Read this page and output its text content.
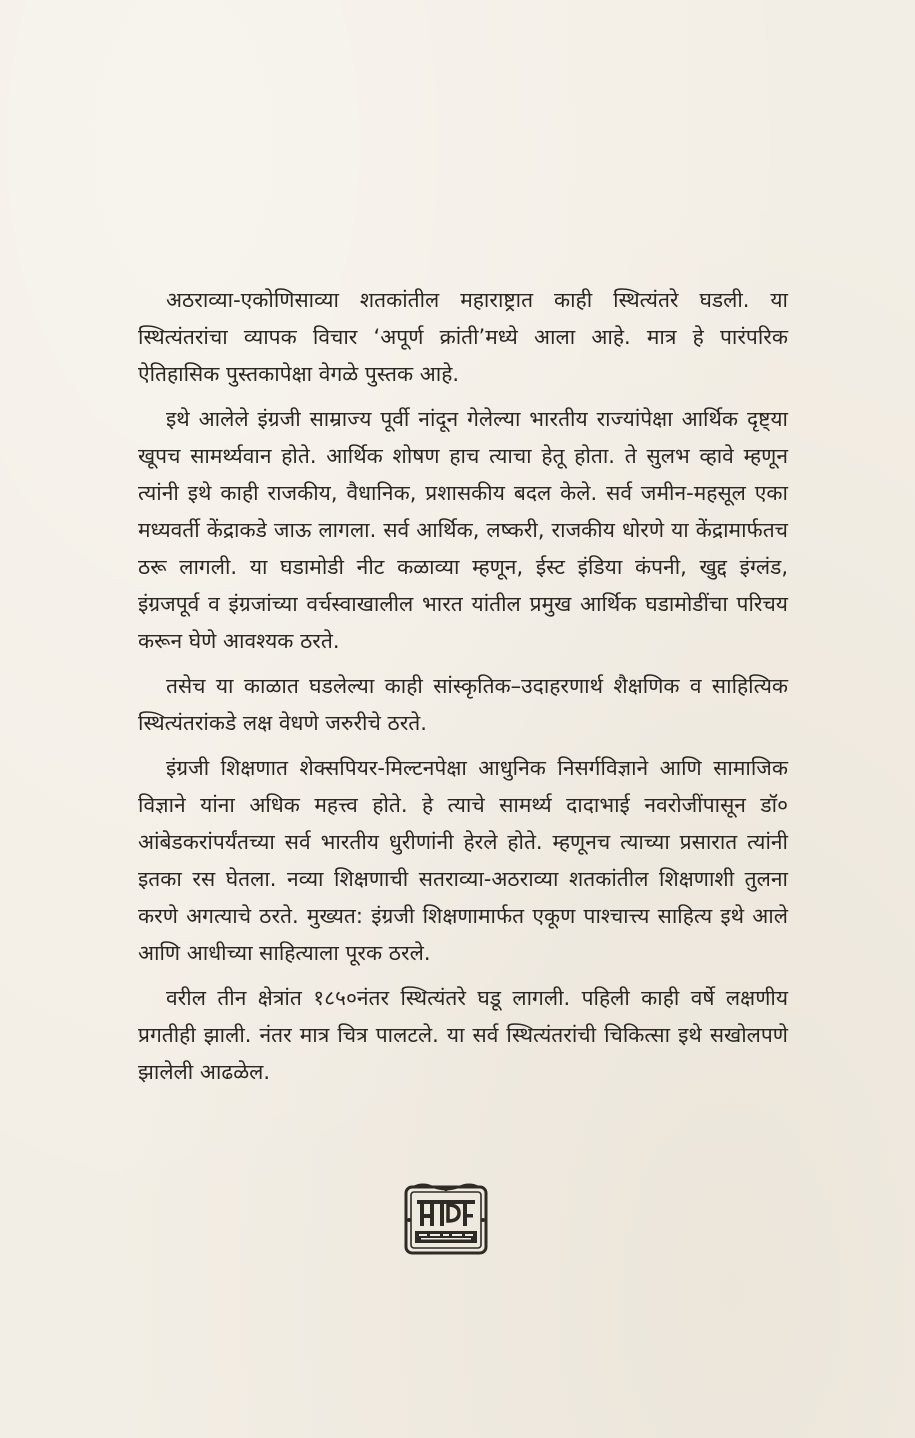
अठराव्या-एकोणिसाव्या शतकांतील महाराष्ट्रात काही स्थित्यंतरे घडली. या स्थित्यंतरांचा व्यापक विचार ‘अपूर्ण क्रांती’मध्ये आला आहे. मात्र हे पारंपरिक ऐतिहासिक पुस्तकापेक्षा वेगळे पुस्तक आहे.

इथे आलेले इंग्रजी साम्राज्य पूर्वी नांदून गेलेल्या भारतीय राज्यांपेक्षा आर्थिक दृष्ट्या खूपच सामर्थ्यवान होते. आर्थिक शोषण हाच त्याचा हेतू होता. ते सुलभ व्हावे म्हणून त्यांनी इथे काही राजकीय, वैधानिक, प्रशासकीय बदल केले. सर्व जमीन-महसूल एका मध्यवर्ती केंद्राकडे जाऊ लागला. सर्व आर्थिक, लष्करी, राजकीय धोरणे या केंद्रामार्फतच ठरू लागली. या घडामोडी नीट कळाव्या म्हणून, ईस्ट इंडिया कंपनी, खुद्द इंग्लंड, इंग्रजपूर्व व इंग्रजांच्या वर्चस्वाखालील भारत यांतील प्रमुख आर्थिक घडामोडींचा परिचय करून घेणे आवश्यक ठरते.

तसेच या काळात घडलेल्या काही सांस्कृतिक–उदाहरणार्थ शैक्षणिक व साहित्यिक स्थित्यंतरांकडे लक्ष वेधणे जरुरीचे ठरते.

इंग्रजी शिक्षणात शेक्सपियर-मिल्टनपेक्षा आधुनिक निसर्गविज्ञाने आणि सामाजिक विज्ञाने यांना अधिक महत्त्व होते. हे त्याचे सामर्थ्य दादाभाई नवरोजींपासून डॉ० आंबेडकरांपर्यंतच्या सर्व भारतीय धुरीणांनी हेरले होते. म्हणूनच त्याच्या प्रसारात त्यांनी इतका रस घेतला. नव्या शिक्षणाची सतराव्या-अठराव्या शतकांतील शिक्षणाशी तुलना करणे अगत्याचे ठरते. मुख्यत: इंग्रजी शिक्षणामार्फत एकूण पाश्चात्त्य साहित्य इथे आले आणि आधीच्या साहित्याला पूरक ठरले.

वरील तीन क्षेत्रांत १८५०नंतर स्थित्यंतरे घडू लागली. पहिली काही वर्षे लक्षणीय प्रगतीही झाली. नंतर मात्र चित्र पालटले. या सर्व स्थित्यंतरांची चिकित्सा इथे सखोलपणे झालेली आढळेल.
